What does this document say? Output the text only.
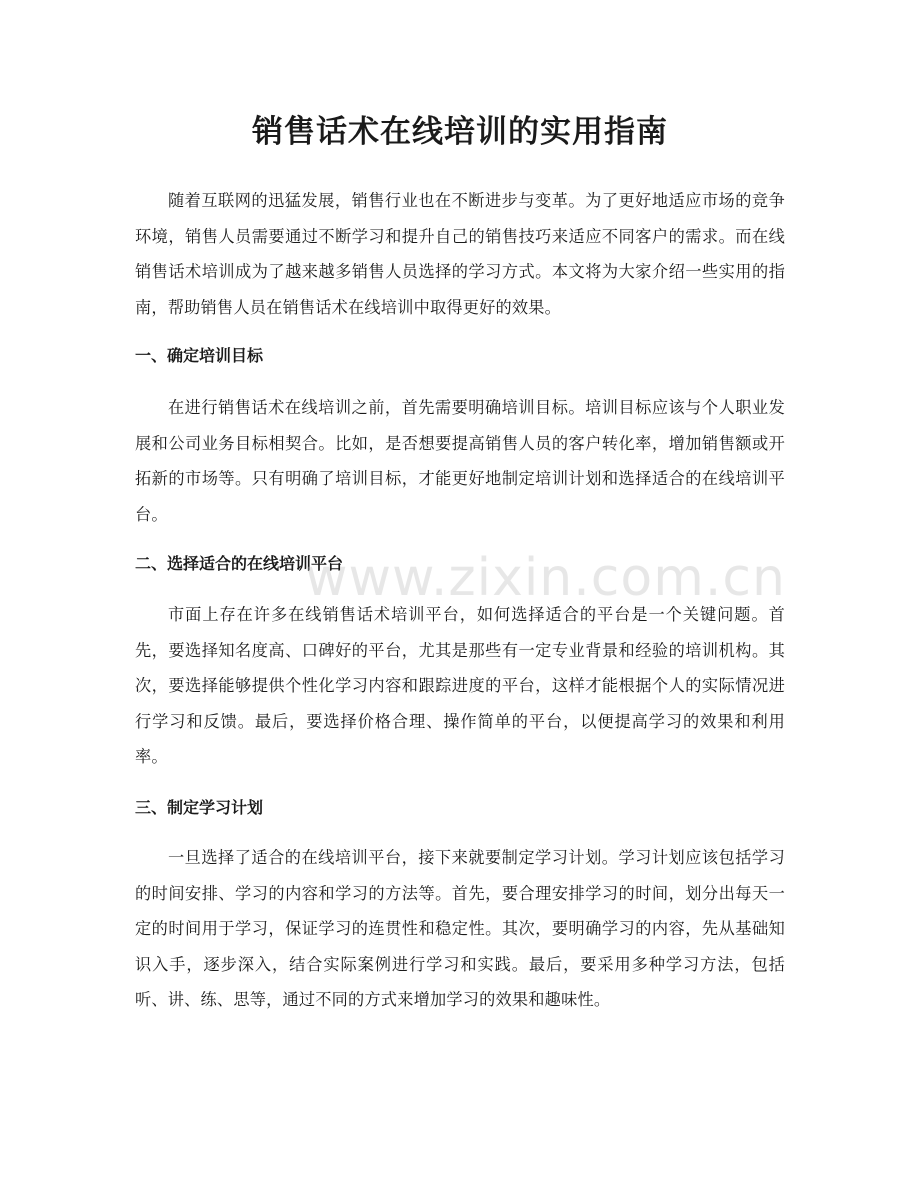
销售话术在线培训的实用指南

随着互联网的迅猛发展，销售行业也在不断进步与变革。为了更好地适应市场的竞争环境，销售人员需要通过不断学习和提升自己的销售技巧来适应不同客户的需求。而在线销售话术培训成为了越来越多销售人员选择的学习方式。本文将为大家介绍一些实用的指南，帮助销售人员在销售话术在线培训中取得更好的效果。

一、确定培训目标

在进行销售话术在线培训之前，首先需要明确培训目标。培训目标应该与个人职业发展和公司业务目标相契合。比如，是否想要提高销售人员的客户转化率，增加销售额或开拓新的市场等。只有明确了培训目标，才能更好地制定培训计划和选择适合的在线培训平台。

二、选择适合的在线培训平台

市面上存在许多在线销售话术培训平台，如何选择适合的平台是一个关键问题。首先，要选择知名度高、口碑好的平台，尤其是那些有一定专业背景和经验的培训机构。其次，要选择能够提供个性化学习内容和跟踪进度的平台，这样才能根据个人的实际情况进行学习和反馈。最后，要选择价格合理、操作简单的平台，以便提高学习的效果和利用率。

三、制定学习计划

一旦选择了适合的在线培训平台，接下来就要制定学习计划。学习计划应该包括学习的时间安排、学习的内容和学习的方法等。首先，要合理安排学习的时间，划分出每天一定的时间用于学习，保证学习的连贯性和稳定性。其次，要明确学习的内容，先从基础知识入手，逐步深入，结合实际案例进行学习和实践。最后，要采用多种学习方法，包括听、讲、练、思等，通过不同的方式来增加学习的效果和趣味性。

www.zixin.com.cn
